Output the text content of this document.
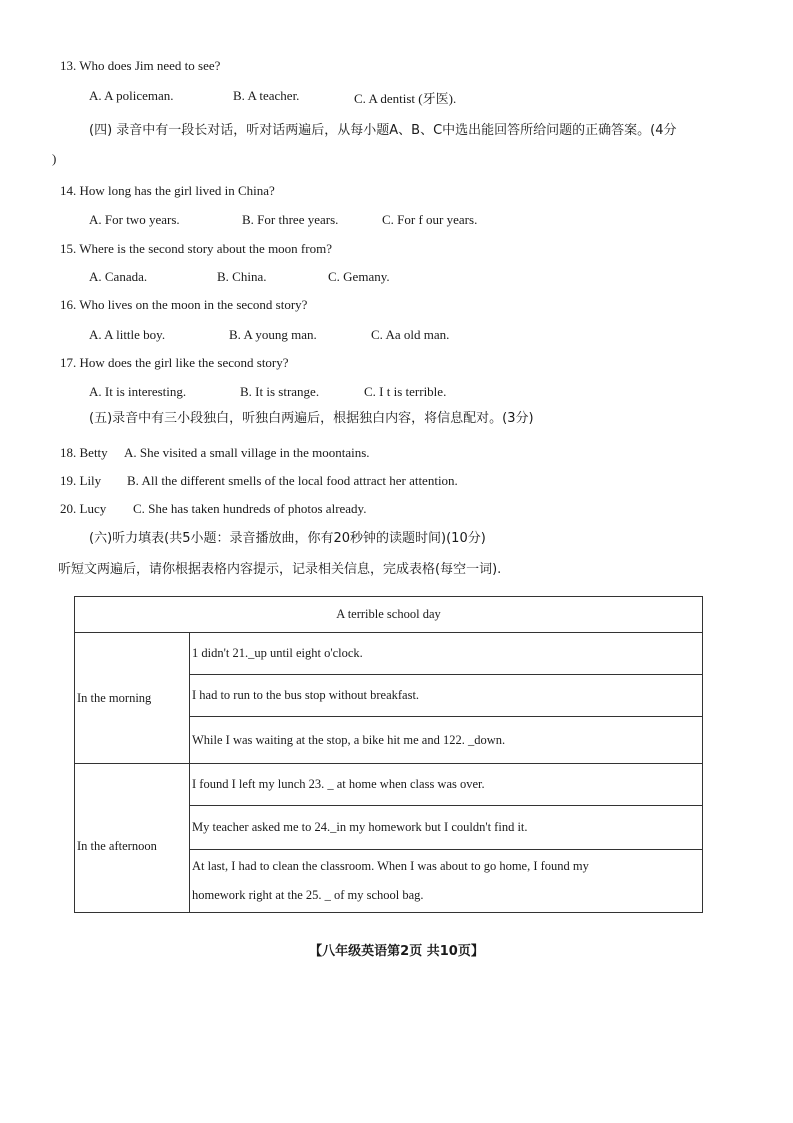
13. Who does Jim need to see?
A. A policeman.	B. A teacher.	C. A dentist (牙医).
(四) 录音中有一段长对话，听对话两遍后，从每小题A、B、C中选出能回答所给问题的正确答案。(4分
)
14. How long has the girl lived in China?
A. For two years.	B. For three years.	C. For f our years.
15. Where is the second story about the moon from?
A. Canada.	B. China.	C. Gemany.
16. Who lives on the moon in the second story?
A. A little boy.	B. A young man.	C. Aa old man.
17. How does the girl like the second story?
A. It is interesting.	B. It is strange.	C. I t is terrible.
(五)录音中有三小段独白，听独白两遍后，根据独白内容，将信息配对。(3分)
18. Betty A. She visited a small village in the moontains.
19. Lily B. All the different smells of the local food attract her attention.
20. Lucy C. She has taken hundreds of photos already.
(六)听力填表(共5小题：录音播放曲，你有20秒钟的读题时间)(10分)
听短文两遍后，请你根据表格内容提示，记录相关信息，完成表格(每空一词).
A terrible school day	
In the morning	1 didn't 21._up until eight o'clock.
	I had to run to the bus stop without breakfast.
	While I was waiting at the stop, a bike hit me and 122. _down.
In the afternoon	I found I left my lunch 23. _ at home when class was over.
	My teacher asked me to 24._in my homework but I couldn't find it.

	At last, I had to clean the classroom. When I was about to go home, I found my
homework right at the 25. _ of my school bag.
【八年级英语第2页 共10页】
